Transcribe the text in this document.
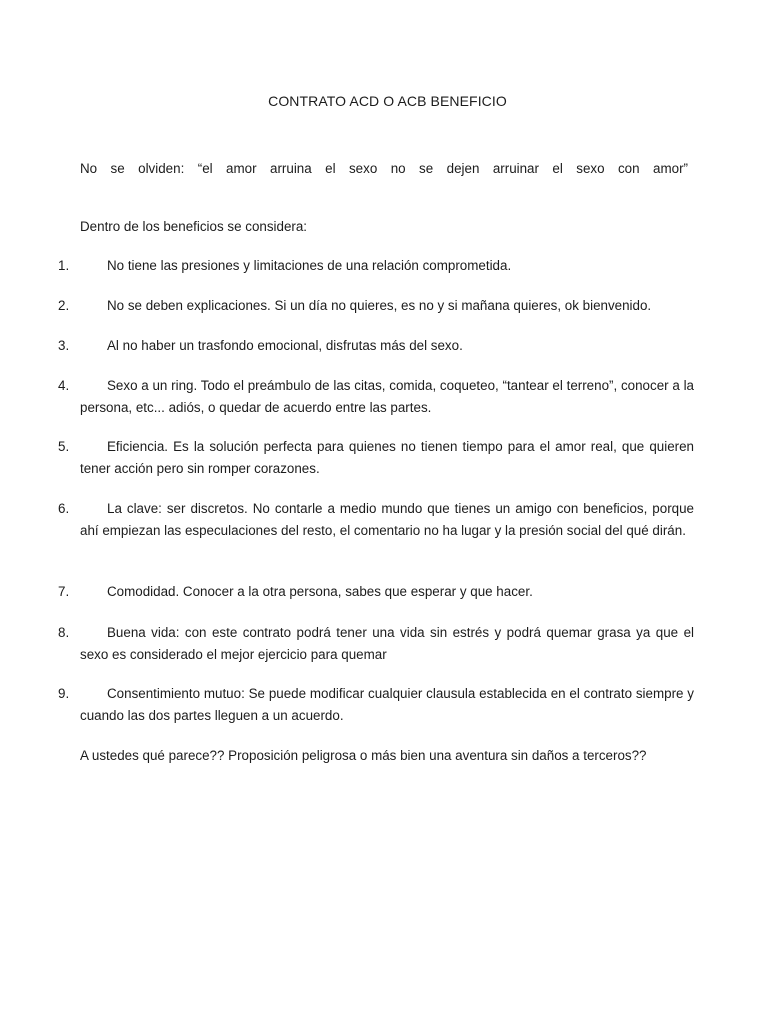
CONTRATO ACD O ACB BENEFICIO
No se olviden: “el amor arruina el sexo no se dejen arruinar el sexo con amor”
Dentro de los beneficios se considera:
1.	No tiene las presiones y limitaciones de una relación comprometida.
2.	No se deben explicaciones. Si un día no quieres, es no y si mañana quieres, ok bienvenido.
3.	Al no haber un trasfondo emocional, disfrutas más del sexo.
4.	Sexo a un ring. Todo el preámbulo de las citas, comida, coqueteo, “tantear el terreno”, conocer a la persona, etc... adiós, o quedar de acuerdo entre las partes.
5.	Eficiencia. Es la solución perfecta para quienes no tienen tiempo para el amor real, que quieren tener acción pero sin romper corazones.
6.	La clave: ser discretos. No contarle a medio mundo que tienes un amigo con beneficios, porque ahí empiezan las especulaciones del resto, el comentario no ha lugar y la presión social del qué dirán.
7.	Comodidad. Conocer a la otra persona, sabes que esperar y que hacer.
8.	Buena vida: con este contrato podrá tener una vida sin estrés y podrá quemar grasa ya que el sexo es considerado el mejor ejercicio para quemar
9.	Consentimiento mutuo: Se puede modificar cualquier clausula establecida en el contrato siempre y cuando las dos partes lleguen a un acuerdo.
A ustedes qué parece?? Proposición peligrosa o más bien una aventura sin daños a terceros??
